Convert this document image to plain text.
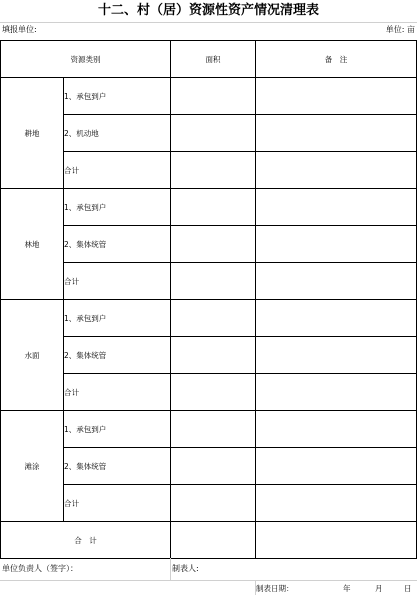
十二、村（居）资源性资产情况清理表
填报单位:	单位: 亩
资源类别		面积	备　注
耕地	1、承包到户		
	2、机动地		
	合计		
林地	1、承包到户		
	2、集体统管		
	合计		
水面	1、承包到户		
	2、集体统管		
	合计		
滩涂	1、承包到户		
	2、集体统管		
	合计		
合　计			
单位负责人（签字）：	制表人:
制表日期：	年	月	日
